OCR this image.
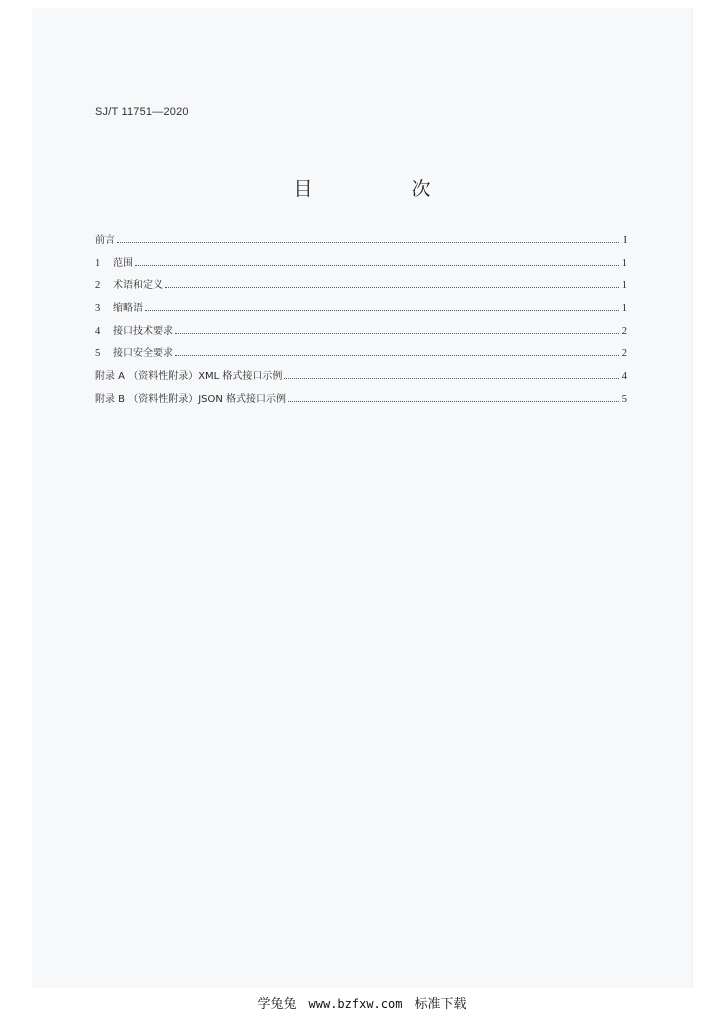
SJ/T 11751—2020
目　次
前言	I
1	范围	1
2	术语和定义	1
3	缩略语	1
4	接口技术要求	2
5	接口安全要求	2
附录 A （资料性附录）XML 格式接口示例	4
附录 B （资料性附录）JSON 格式接口示例	5
学兔兔 www.bzfxw.com 标准下载
